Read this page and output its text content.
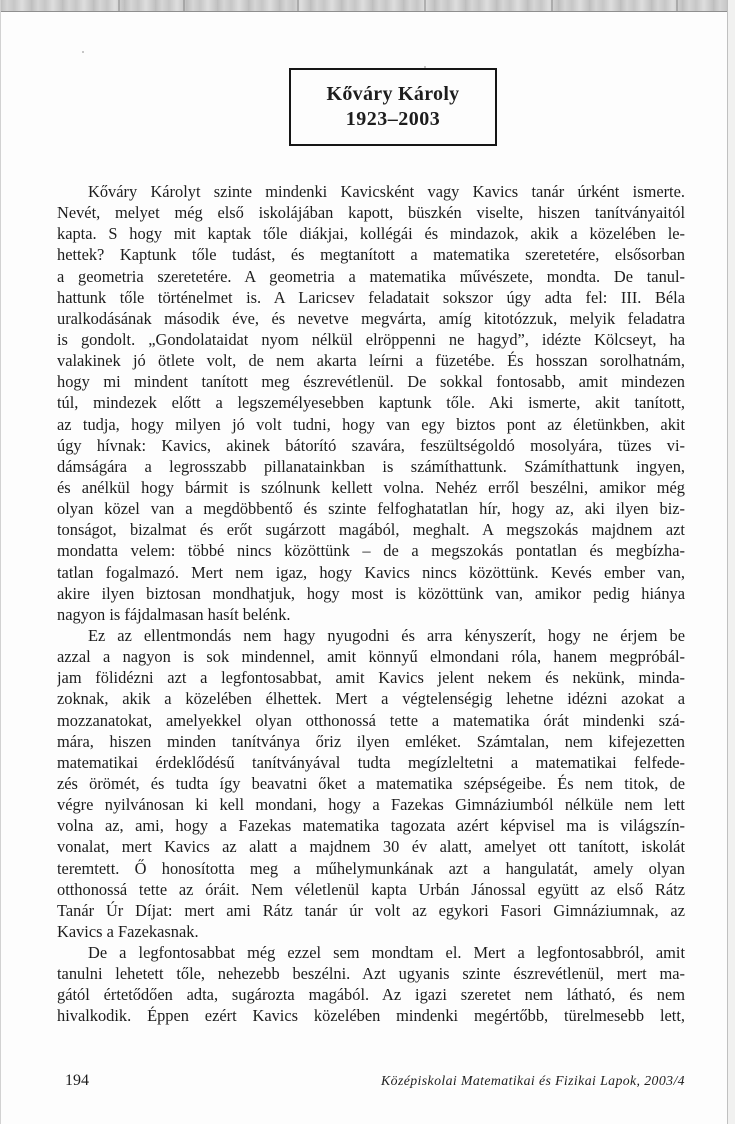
Kőváry Károly
1923–2003
Kőváry Károlyt szinte mindenki Kavicsként vagy Kavics tanár úrként ismerte.
Nevét, melyet még első iskolájában kapott, büszkén viselte, hiszen tanítványaitól
kapta. S hogy mit kaptak tőle diákjai, kollégái és mindazok, akik a közelében le-
hettek? Kaptunk tőle tudást, és megtanított a matematika szeretetére, elsősorban
a geometria szeretetére. A geometria a matematika művészete, mondta. De tanul-
hattunk tőle történelmet is. A Laricsev feladatait sokszor úgy adta fel: III. Béla
uralkodásának második éve, és nevetve megvárta, amíg kitotózzuk, melyik feladatra
is gondolt. „Gondolataidat nyom nélkül elröppenni ne hagyd”, idézte Kölcseyt, ha
valakinek jó ötlete volt, de nem akarta leírni a füzetébe. És hosszan sorolhatnám,
hogy mi mindent tanított meg észrevétlenül. De sokkal fontosabb, amit mindezen
túl, mindezek előtt a legszemélyesebben kaptunk tőle. Aki ismerte, akit tanított,
az tudja, hogy milyen jó volt tudni, hogy van egy biztos pont az életünkben, akit
úgy hívnak: Kavics, akinek bátorító szavára, feszültségoldó mosolyára, tüzes vi-
dámságára a legrosszabb pillanatainkban is számíthattunk. Számíthattunk ingyen,
és anélkül hogy bármit is szólnunk kellett volna. Nehéz erről beszélni, amikor még
olyan közel van a megdöbbentő és szinte felfoghatatlan hír, hogy az, aki ilyen biz-
tonságot, bizalmat és erőt sugárzott magából, meghalt. A megszokás majdnem azt
mondatta velem: többé nincs közöttünk – de a megszokás pontatlan és megbízha-
tatlan fogalmazó. Mert nem igaz, hogy Kavics nincs közöttünk. Kevés ember van,
akire ilyen biztosan mondhatjuk, hogy most is közöttünk van, amikor pedig hiánya
nagyon is fájdalmasan hasít belénk.
Ez az ellentmondás nem hagy nyugodni és arra kényszerít, hogy ne érjem be
azzal a nagyon is sok mindennel, amit könnyű elmondani róla, hanem megpróbál-
jam fölidézni azt a legfontosabbat, amit Kavics jelent nekem és nekünk, minda-
zoknak, akik a közelében élhettek. Mert a végtelenségig lehetne idézni azokat a
mozzanatokat, amelyekkel olyan otthonossá tette a matematika órát mindenki szá-
mára, hiszen minden tanítványa őriz ilyen emléket. Számtalan, nem kifejezetten
matematikai érdeklődésű tanítványával tudta megízleltetni a matematikai felfede-
zés örömét, és tudta így beavatni őket a matematika szépségeibe. És nem titok, de
végre nyilvánosan ki kell mondani, hogy a Fazekas Gimnáziumból nélküle nem lett
volna az, ami, hogy a Fazekas matematika tagozata azért képvisel ma is világszín-
vonalat, mert Kavics az alatt a majdnem 30 év alatt, amelyet ott tanított, iskolát
teremtett. Ő honosította meg a műhelymunkának azt a hangulatát, amely olyan
otthonossá tette az óráit. Nem véletlenül kapta Urbán Jánossal együtt az első Rátz
Tanár Úr Díjat: mert ami Rátz tanár úr volt az egykori Fasori Gimnáziumnak, az
Kavics a Fazekasnak.
De a legfontosabbat még ezzel sem mondtam el. Mert a legfontosabbról, amit
tanulni lehetett tőle, nehezebb beszélni. Azt ugyanis szinte észrevétlenül, mert ma-
gától értetődően adta, sugározta magából. Az igazi szeretet nem látható, és nem
hivalkodik. Éppen ezért Kavics közelében mindenki megértőbb, türelmesebb lett,
194	Középiskolai Matematikai és Fizikai Lapok, 2003/4
